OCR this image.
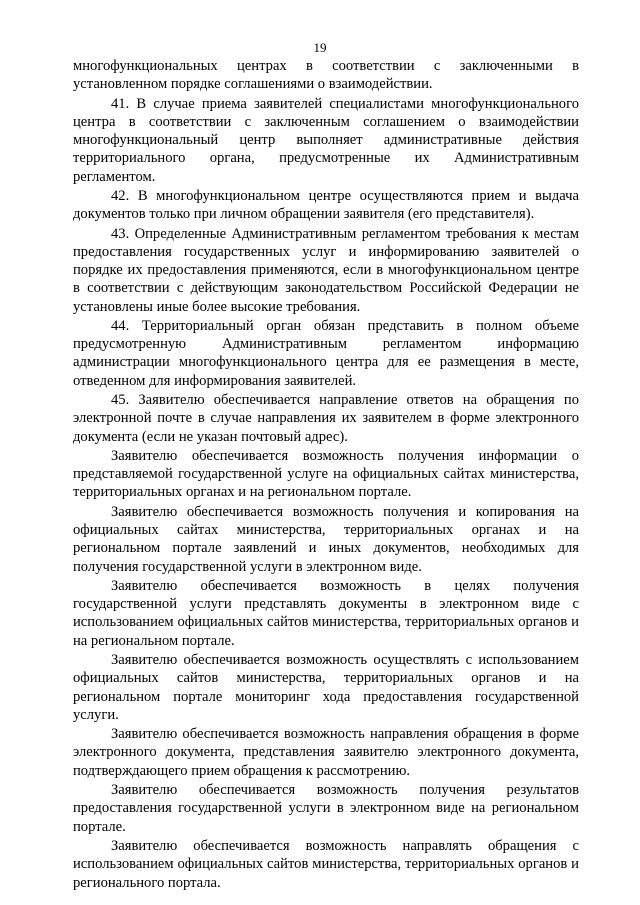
19

многофункциональных центрах в соответствии с заключенными в установленном порядке соглашениями о взаимодействии.

41. В случае приема заявителей специалистами многофункционального центра в соответствии с заключенным соглашением о взаимодействии многофункциональный центр выполняет административные действия территориального органа, предусмотренные их Административным регламентом.

42. В многофункциональном центре осуществляются прием и выдача документов только при личном обращении заявителя (его представителя).

43. Определенные Административным регламентом требования к местам предоставления государственных услуг и информированию заявителей о порядке их предоставления применяются, если в многофункциональном центре в соответствии с действующим законодательством Российской Федерации не установлены иные более высокие требования.

44. Территориальный орган обязан представить в полном объеме предусмотренную Административным регламентом информацию администрации многофункционального центра для ее размещения в месте, отведенном для информирования заявителей.

45. Заявителю обеспечивается направление ответов на обращения по электронной почте в случае направления их заявителем в форме электронного документа (если не указан почтовый адрес).

Заявителю обеспечивается возможность получения информации о представляемой государственной услуге на официальных сайтах министерства, территориальных органах и на региональном портале.

Заявителю обеспечивается возможность получения и копирования на официальных сайтах министерства, территориальных органах и на региональном портале заявлений и иных документов, необходимых для получения государственной услуги в электронном виде.

Заявителю обеспечивается возможность в целях получения государственной услуги представлять документы в электронном виде с использованием официальных сайтов министерства, территориальных органов и на региональном портале.

Заявителю обеспечивается возможность осуществлять с использованием официальных сайтов министерства, территориальных органов и на региональном портале мониторинг хода предоставления государственной услуги.

Заявителю обеспечивается возможность направления обращения в форме электронного документа, представления заявителю электронного документа, подтверждающего прием обращения к рассмотрению.

Заявителю обеспечивается возможность получения результатов предоставления государственной услуги в электронном виде на региональном портале.

Заявителю обеспечивается возможность направлять обращения с использованием официальных сайтов министерства, территориальных органов и регионального портала.
